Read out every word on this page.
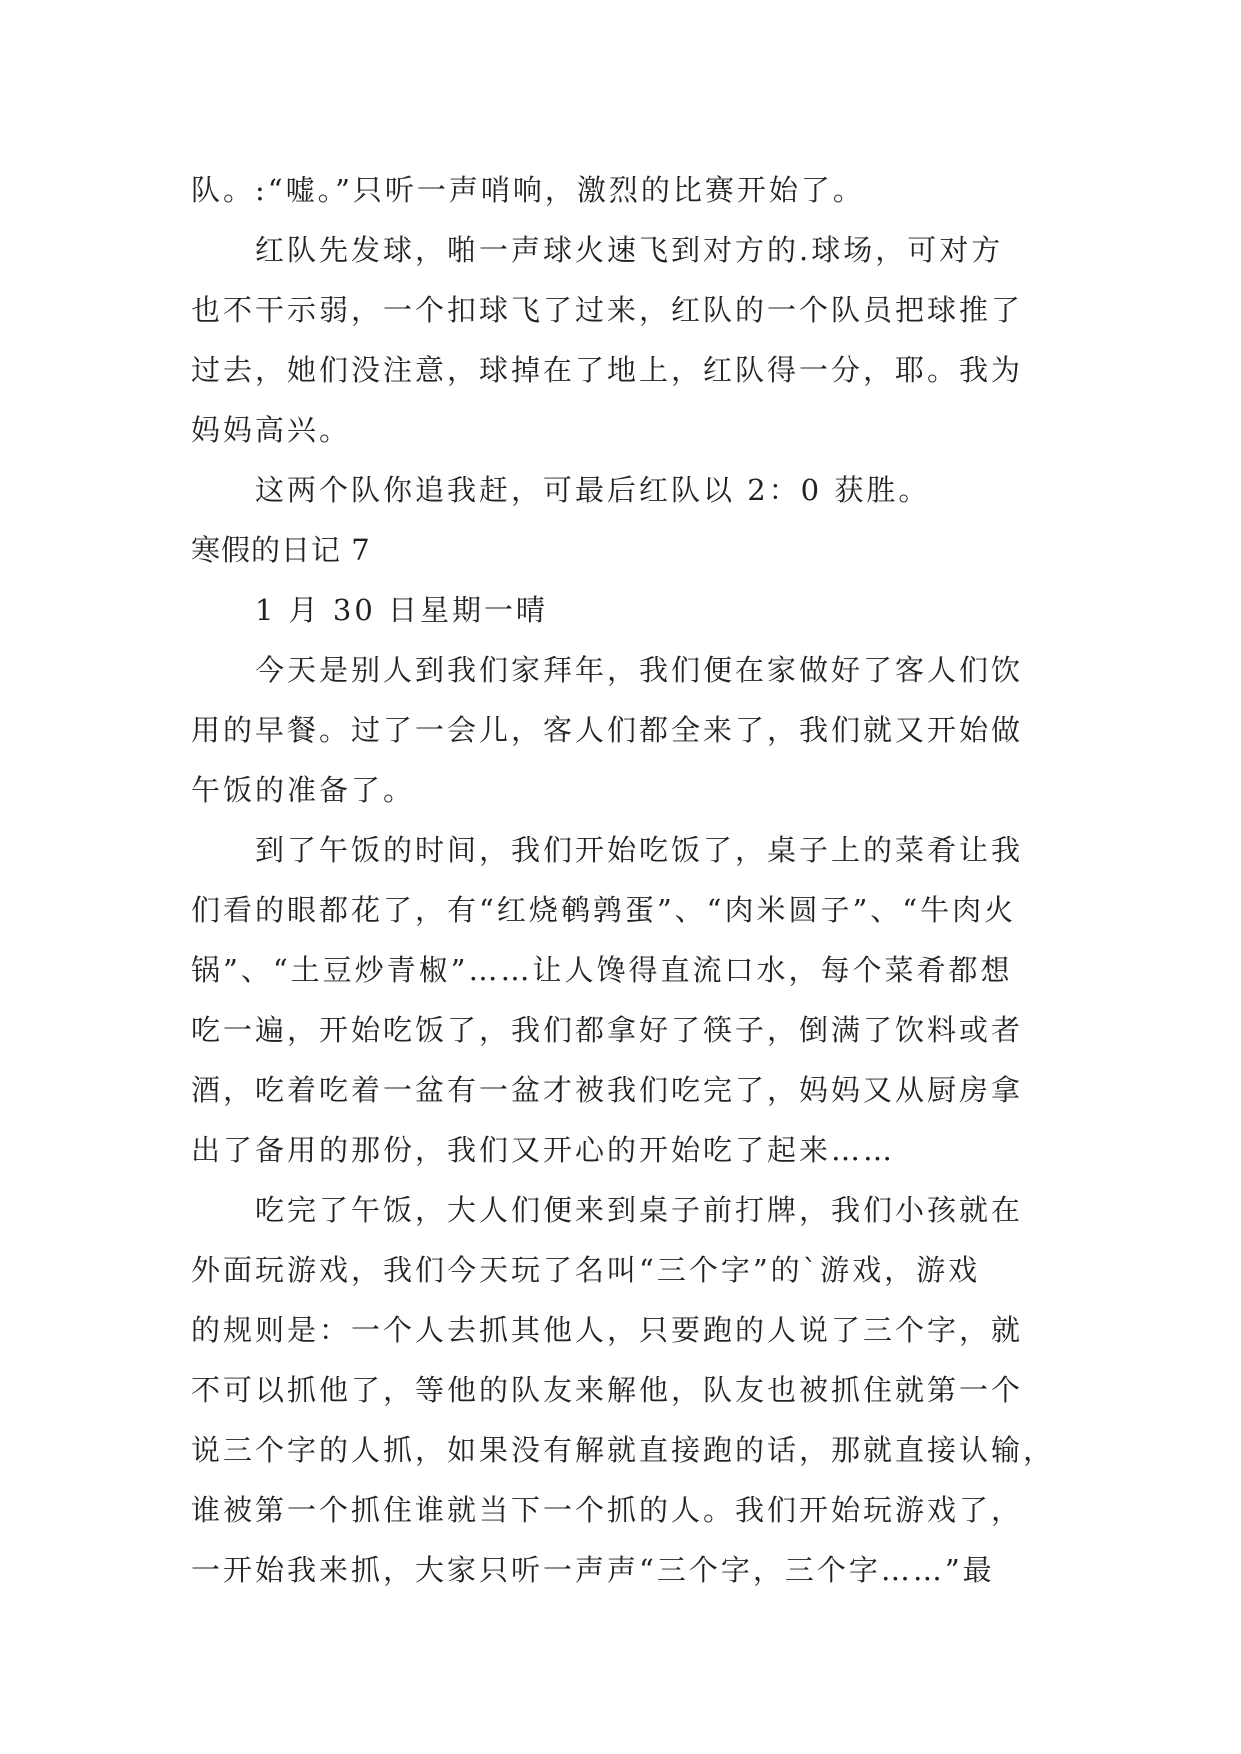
队。:“嘘。”只听一声哨响，激烈的比赛开始了。
红队先发球，啪一声球火速飞到对方的.球场，可对方
也不干示弱，一个扣球飞了过来，红队的一个队员把球推了
过去，她们没注意，球掉在了地上，红队得一分，耶。我为
妈妈高兴。
这两个队你追我赶，可最后红队以 2：0 获胜。
寒假的日记 7
1 月 30 日星期一晴
今天是别人到我们家拜年，我们便在家做好了客人们饮
用的早餐。过了一会儿，客人们都全来了，我们就又开始做
午饭的准备了。
到了午饭的时间，我们开始吃饭了，桌子上的菜肴让我
们看的眼都花了，有“红烧鹌鹑蛋”、“肉米圆子”、“牛肉火
锅”、“土豆炒青椒”……让人馋得直流口水，每个菜肴都想
吃一遍，开始吃饭了，我们都拿好了筷子，倒满了饮料或者
酒，吃着吃着一盆有一盆才被我们吃完了，妈妈又从厨房拿
出了备用的那份，我们又开心的开始吃了起来……
吃完了午饭，大人们便来到桌子前打牌，我们小孩就在
外面玩游戏，我们今天玩了名叫“三个字”的`游戏，游戏
的规则是：一个人去抓其他人，只要跑的人说了三个字，就
不可以抓他了，等他的队友来解他，队友也被抓住就第一个
说三个字的人抓，如果没有解就直接跑的话，那就直接认输，
谁被第一个抓住谁就当下一个抓的人。我们开始玩游戏了，
一开始我来抓，大家只听一声声“三个字，三个字……”最
